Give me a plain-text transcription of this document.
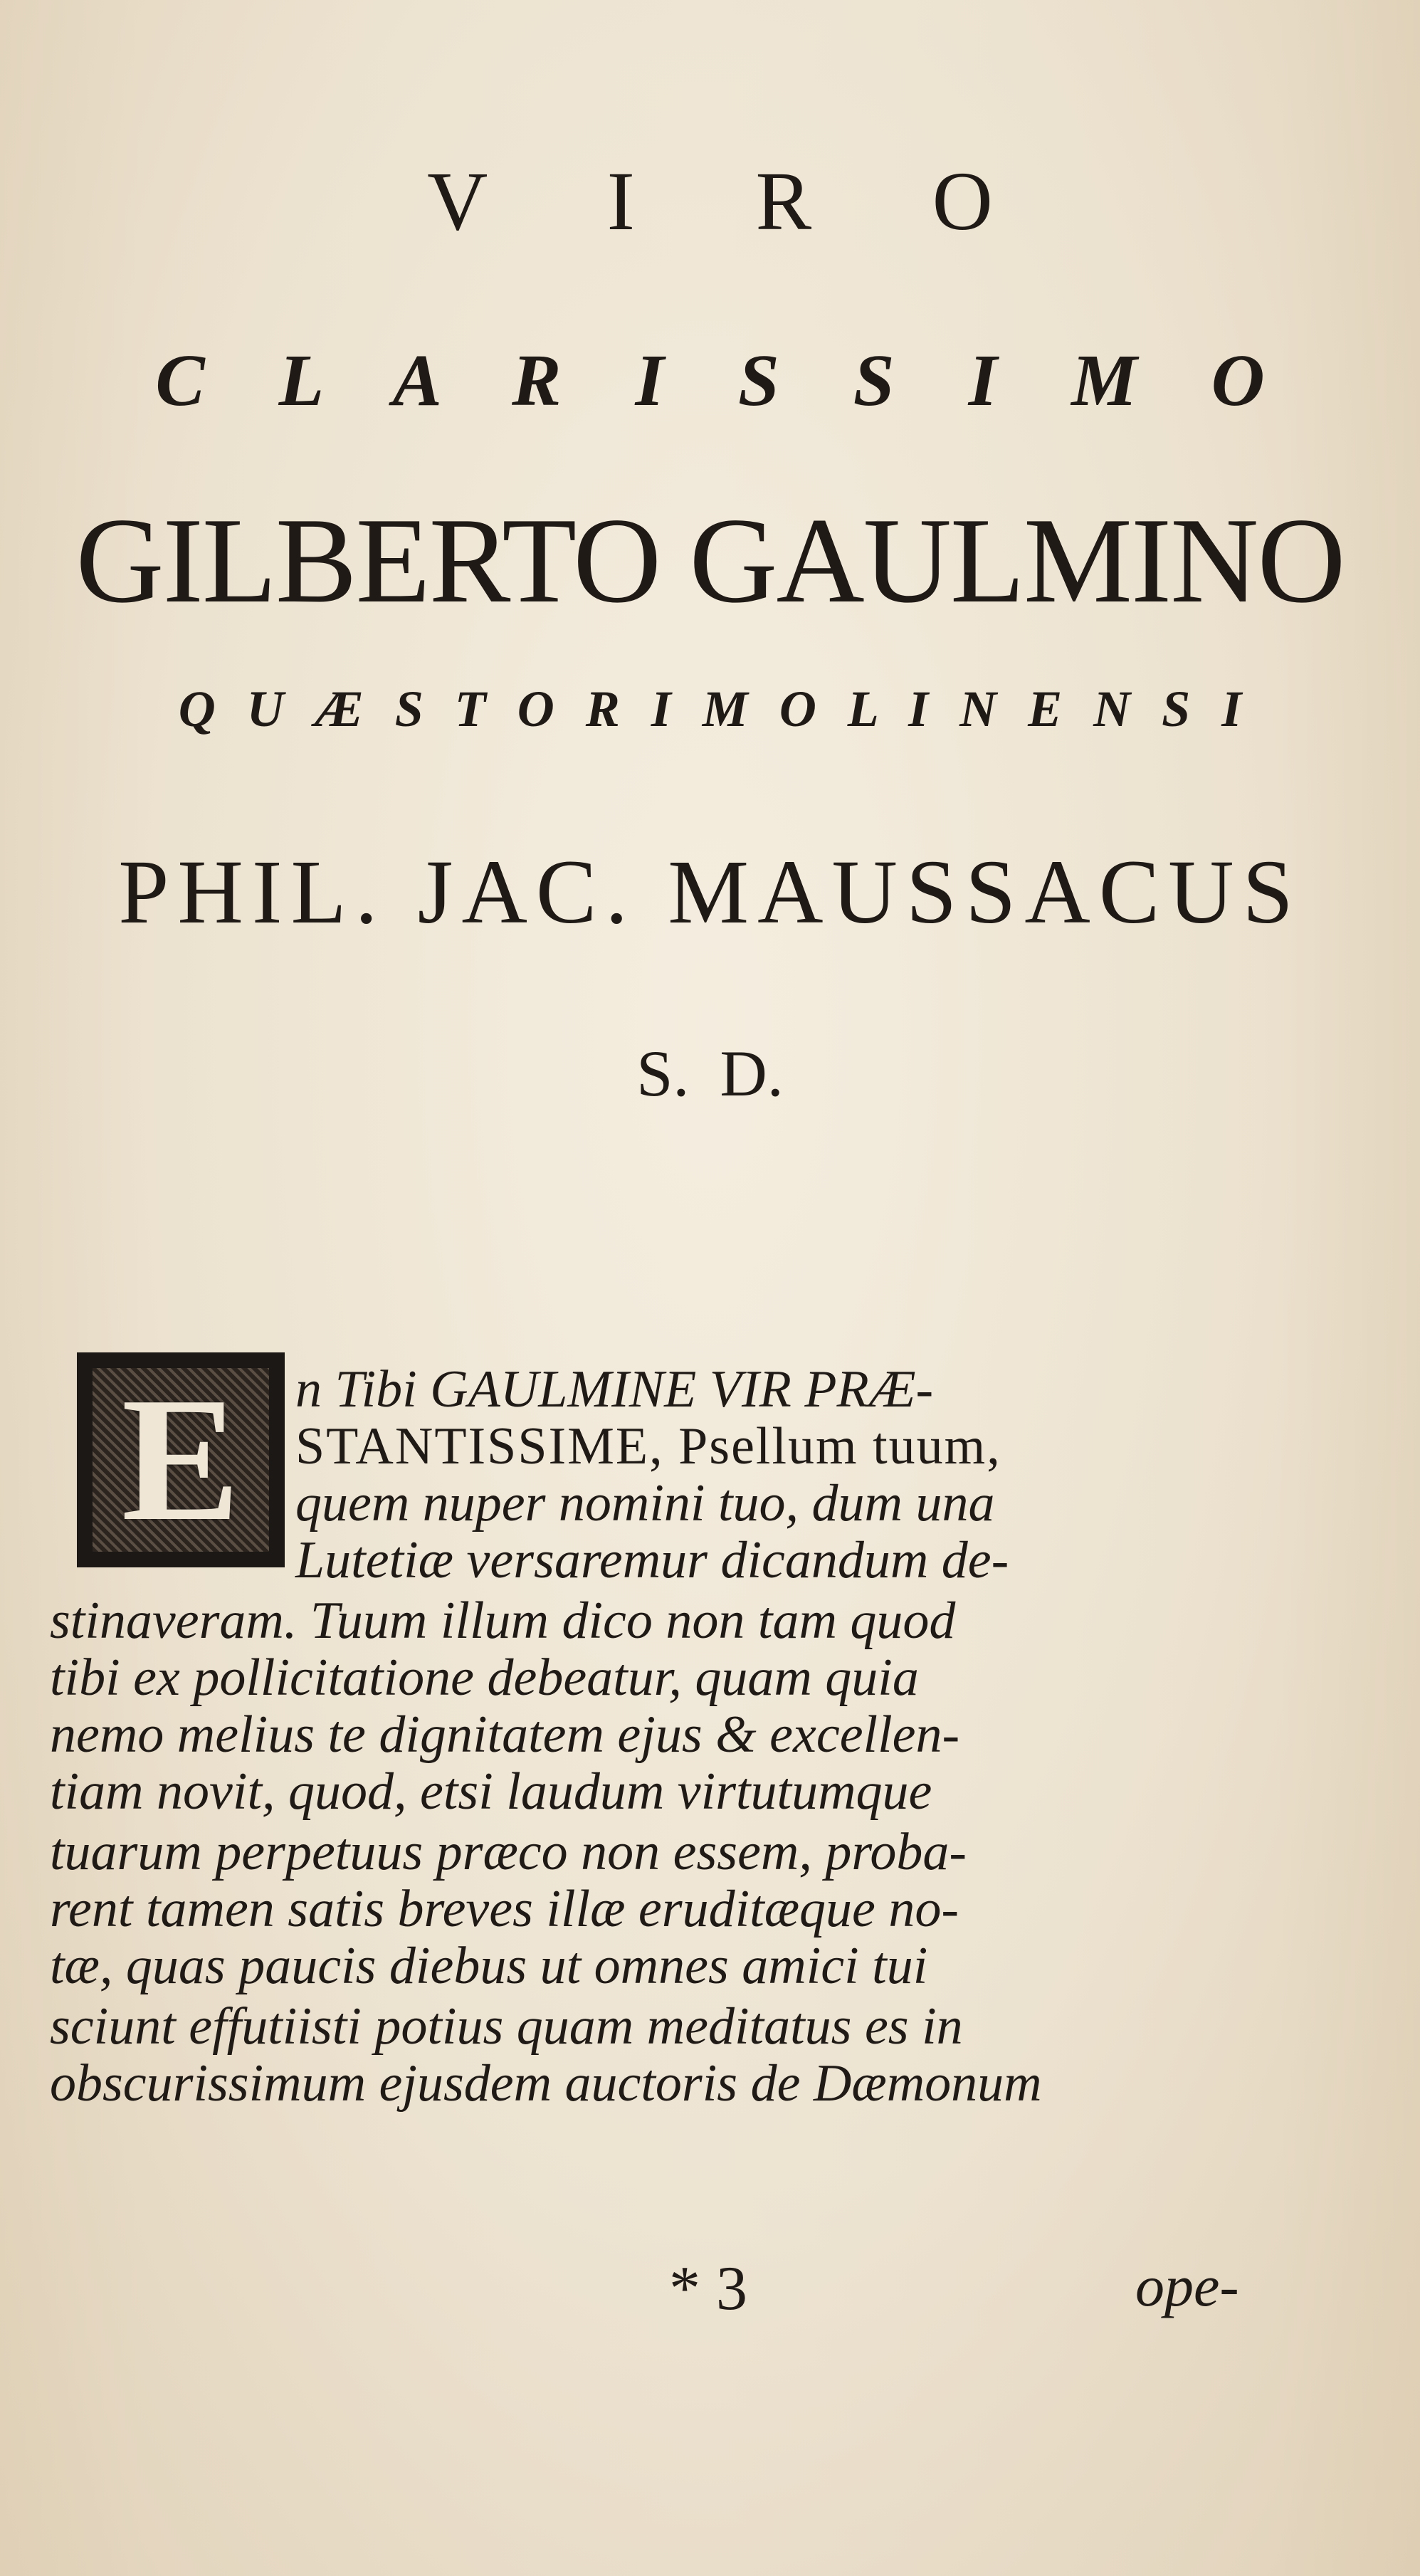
V I R O
C L A R I S S I M O
GILBERTO GAULMINO
Q U Æ S T O R I M O L I N E N S I
PHIL. JAC. MAUSSACUS
S. D.
E n Tibi GAULMINE VIR PRÆ-
STANTISSIME, Psellum tuum,
quem nuper nomini tuo, dum una
Lutetiæ versaremur dicandum de-
stinaveram. Tuum illum dico non tam quod
tibi ex pollicitatione debeatur, quam quia
nemo melius te dignitatem ejus & excellen-
tiam novit, quod, etsi laudum virtutumque
tuarum perpetuus præco non essem, proba-
rent tamen satis breves illæ eruditæque no-
tæ, quas paucis diebus ut omnes amici tui
sciunt effutiisti potius quam meditatus es in
obscurissimum ejusdem auctoris de Dæmonum
* 3	ope-
